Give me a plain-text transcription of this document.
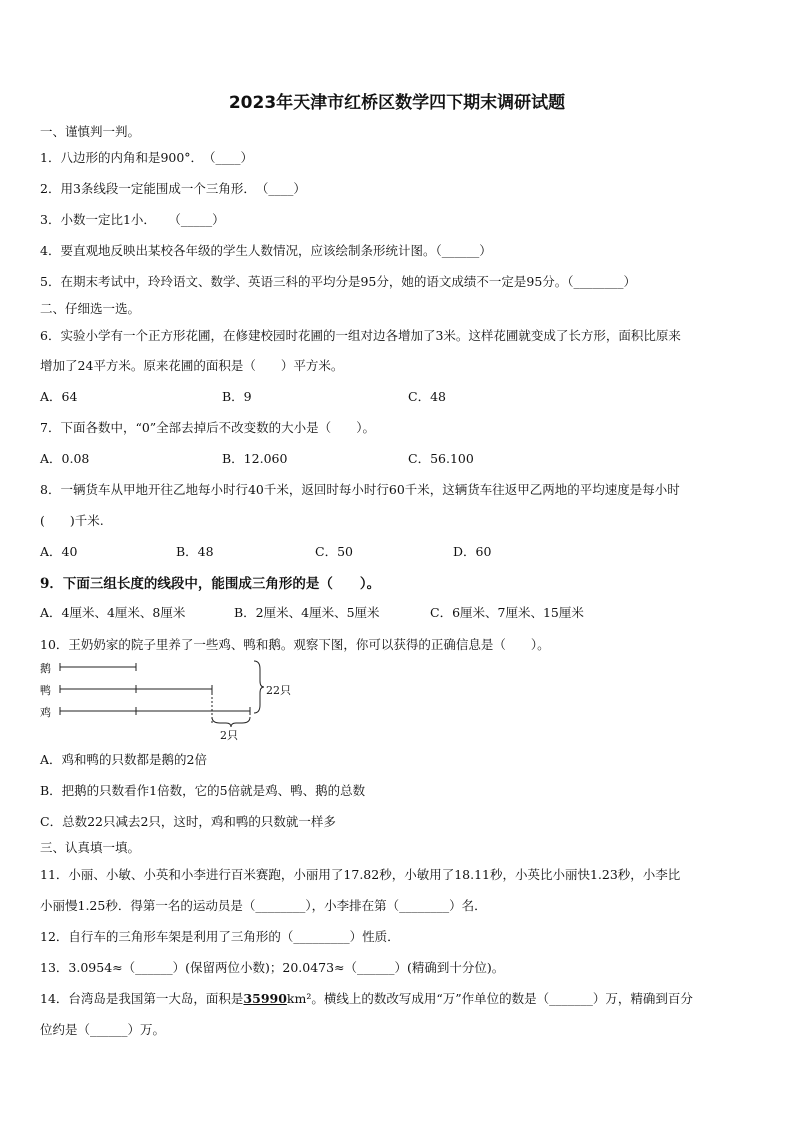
2023年天津市红桥区数学四下期末调研试题
一、谨慎判一判。
1．八边形的内角和是900°．　（____）
2．用3条线段一定能围成一个三角形．　（____）
3．小数一定比1小．　　（_____）
4．要直观地反映出某校各年级的学生人数情况，应该绘制条形统计图。（______）
5．在期末考试中，玲玲语文、数学、英语三科的平均分是95分，她的语文成绩不一定是95分。（________）
二、仔细选一选。
6．实验小学有一个正方形花圃，在修建校园时花圃的一组对边各增加了3米。这样花圃就变成了长方形，面积比原来
增加了24平方米。原来花圃的面积是（　　）平方米。
A．64	B．9	C．48
7．下面各数中，“0”全部去掉后不改变数的大小是（　　）。
A．0.08	B．12.060	C．56.100
8．一辆货车从甲地开往乙地每小时行40千米，返回时每小时行60千米，这辆货车往返甲乙两地的平均速度是每小时
(　　)千米.
A．40	B．48	C．50	D．60
9．下面三组长度的线段中，能围成三角形的是（　　）。
A．4厘米、4厘米、8厘米	B．2厘米、4厘米、5厘米	C．6厘米、7厘米、15厘米
10．王奶奶家的院子里养了一些鸡、鸭和鹅。观察下图，你可以获得的正确信息是（　　）。
鹅
鸭
鸡
22只
2只
A．鸡和鸭的只数都是鹅的2倍
B．把鹅的只数看作1倍数，它的5倍就是鸡、鸭、鹅的总数
C．总数22只减去2只，这时，鸡和鸭的只数就一样多
三、认真填一填。
11．小丽、小敏、小英和小李进行百米赛跑，小丽用了17.82秒，小敏用了18.11秒，小英比小丽快1.23秒，小李比
小丽慢1.25秒．得第一名的运动员是（________），小李排在第（________）名．
12．自行车的三角形车架是利用了三角形的（_________）性质．
13．3.0954≈（______）(保留两位小数)；20.0473≈（______）(精确到十分位)。
14．台湾岛是我国第一大岛，面积是35990km²。横线上的数改写成用“万”作单位的数是（_______）万，精确到百分
位约是（______）万。
